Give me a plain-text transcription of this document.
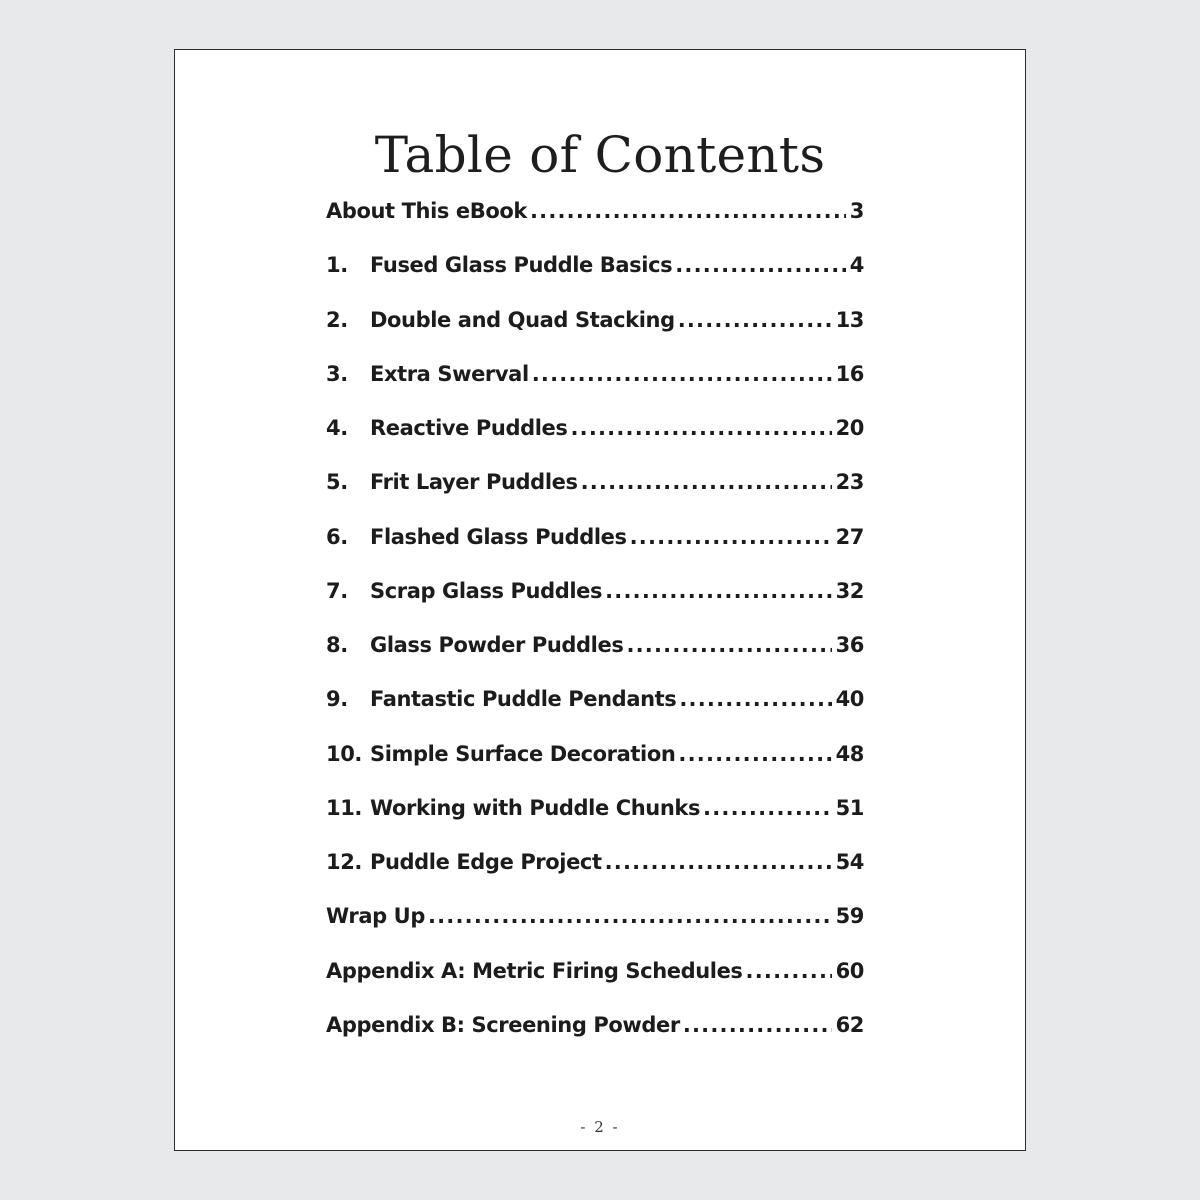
Table of Contents
About This eBook .....	3
1.	Fused Glass Puddle Basics .....	4
2.	Double and Quad Stacking .....	13
3.	Extra Swerval .....	16
4.	Reactive Puddles .....	20
5.	Frit Layer Puddles .....	23
6.	Flashed Glass Puddles .....	27
7.	Scrap Glass Puddles .....	32
8.	Glass Powder Puddles .....	36
9.	Fantastic Puddle Pendants .....	40
10. Simple Surface Decoration .....	48
11. Working with Puddle Chunks .....	51
12. Puddle Edge Project .....	54
Wrap Up .....	59
Appendix A: Metric Firing Schedules .....	60
Appendix B: Screening Powder .....	62
- 2 -
